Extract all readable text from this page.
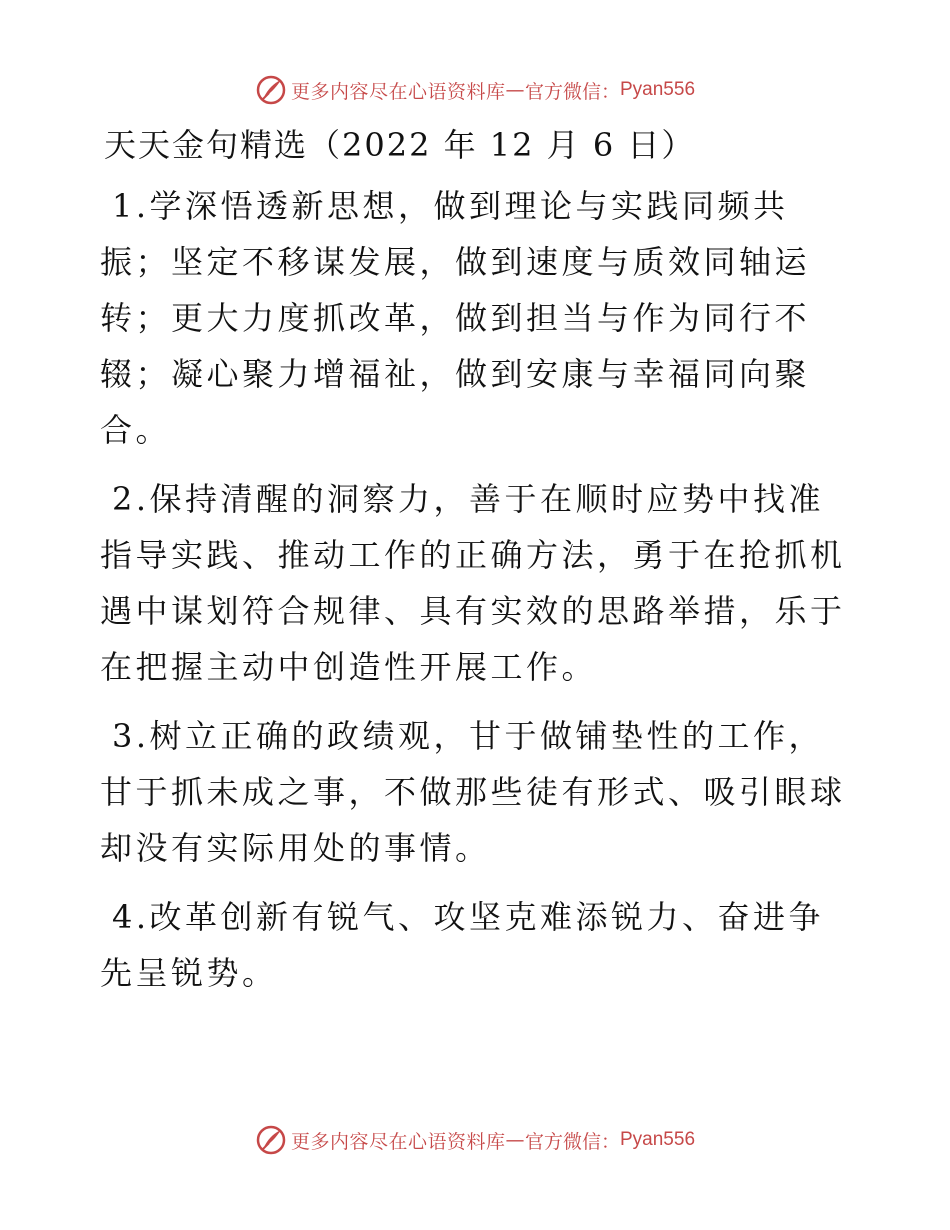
更多内容尽在心语资料库 — 官方微信： Pyan556
天天金句精选（2022 年 12 月 6 日）

1.学深悟透新思想，做到理论与实践同频共振；坚定不移谋发展，做到速度与质效同轴运转；更大力度抓改革，做到担当与作为同行不辍；凝心聚力增福祉，做到安康与幸福同向聚合。

2.保持清醒的洞察力，善于在顺时应势中找准指导实践、推动工作的正确方法，勇于在抢抓机遇中谋划符合规律、具有实效的思路举措，乐于在把握主动中创造性开展工作。

3.树立正确的政绩观，甘于做铺垫性的工作，甘于抓未成之事，不做那些徒有形式、吸引眼球却没有实际用处的事情。

4.改革创新有锐气、攻坚克难添锐力、奋进争先呈锐势。

更多内容尽在心语资料库 — 官方微信： Pyan556
